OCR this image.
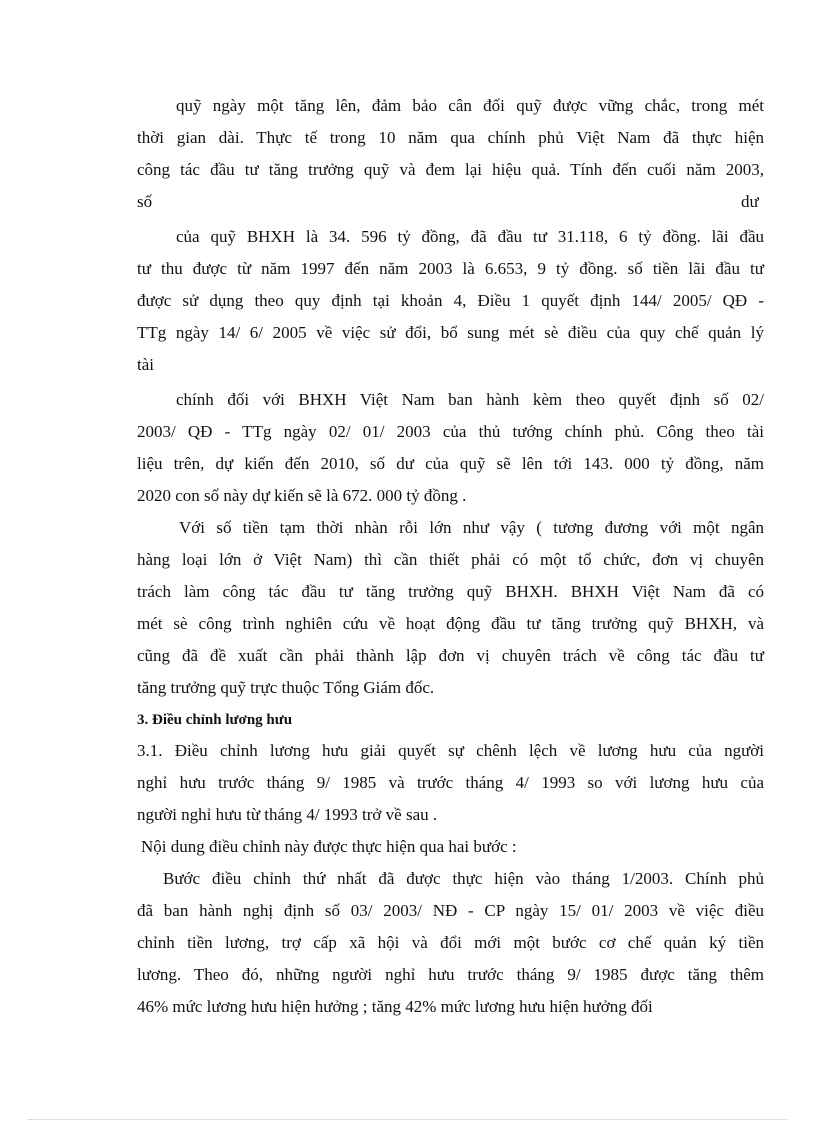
quỹ ngày một tăng lên, đảm bảo cân đối quỹ được vững chắc, trong mét
thời gian dài. Thực tế trong 10 năm qua chính phủ Việt Nam đã thực hiện
công tác đầu tư tăng trưởng quỹ và đem lại hiệu quả. Tính đến cuối năm 2003,
số	dư
của quỹ BHXH là 34. 596 tỷ đồng, đã đầu tư 31.118, 6 tỷ đồng. lãi đầu
tư thu được từ năm 1997 đến năm 2003 là 6.653, 9 tỷ đồng. số tiền lãi đầu tư
được sử dụng theo quy định tại khoản 4, Điều 1 quyết định 144/ 2005/ QĐ -
TTg ngày 14/ 6/ 2005 về việc sử đổi, bổ sung mét sè điều của quy chế quản lý
tài
chính đối với BHXH Việt Nam ban hành kèm theo quyết định số 02/
2003/ QĐ - TTg ngày 02/ 01/ 2003 của thủ tướng chính phủ. Công theo tài
liệu trên, dự kiến đến 2010, số dư của quỹ sẽ lên tới 143. 000 tỷ đồng, năm
2020 con số này dự kiến sẽ là 672. 000 tỷ đồng .
Với số tiền tạm thời nhàn rỗi lớn như vậy ( tương đương với một ngân
hàng loại lớn ở Việt Nam) thì cần thiết phải có một tổ chức, đơn vị chuyên
trách làm công tác đầu tư tăng trưởng quỹ BHXH. BHXH Việt Nam đã có
mét sè công trình nghiên cứu về hoạt động đầu tư tăng trưởng quỹ BHXH, và
cũng đã đề xuất cần phải thành lập đơn vị chuyên trách về công tác đầu tư
tăng trưởng quỹ trực thuộc Tổng Giám đốc.
3. Điều chỉnh lương hưu
3.1. Điều chỉnh lương hưu giải quyết sự chênh lệch về lương hưu của người
nghỉ hưu trước tháng 9/ 1985 và trước tháng 4/ 1993 so với lương hưu của
người nghỉ hưu từ tháng 4/ 1993 trở về sau .
Nội dung điều chỉnh này được thực hiện qua hai bước :
Bước điều chỉnh thứ nhất đã được thực hiện vào tháng 1/2003. Chính phủ
đã ban hành nghị định số 03/ 2003/ NĐ - CP ngày 15/ 01/ 2003 về việc điều
chỉnh tiền lương, trợ cấp xã hội và đổi mới một bước cơ chế quản ký tiền
lương. Theo đó, những người nghỉ hưu trước tháng 9/ 1985 được tăng thêm
46% mức lương hưu hiện hưởng ; tăng 42% mức lương hưu hiện hưởng đối
